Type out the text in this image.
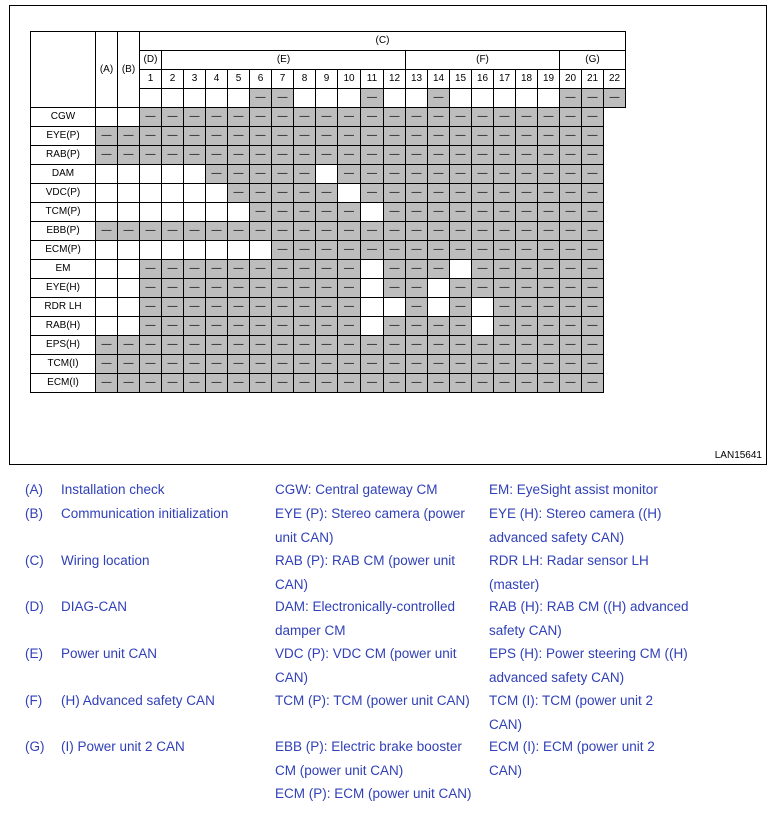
	(A)	(B)	(C)																					
			(D)	(E)											(F)							(G)		
			1	2	3	4	5	6	7	8	9	10	11	12	13	14	15	16	17	18	19	20	21	22
								—	—				—			—						—	—	—
CGW			—	—	—	—	—	—	—	—	—	—	—	—	—	—	—	—	—	—	—	—	—	
EYE(P)	—	—	—	—	—	—	—	—	—	—	—	—	—	—	—	—	—	—	—	—	—	—	—	
RAB(P)	—	—	—	—	—	—	—	—	—	—	—	—	—	—	—	—	—	—	—	—	—	—	—	
DAM						—	—	—	—	—		—	—	—	—	—	—	—	—	—	—	—	—	
VDC(P)							—	—	—	—	—		—	—	—	—	—	—	—	—	—	—	—	
TCM(P)								—	—	—	—	—		—	—	—	—	—	—	—	—	—	—	
EBB(P)	—	—	—	—	—	—	—	—	—	—	—	—	—	—	—	—	—	—	—	—	—	—	—	
ECM(P)									—	—	—	—	—	—	—	—	—	—	—	—	—	—	—	
EM			—	—	—	—	—	—	—	—	—	—		—	—	—		—	—	—	—	—	—	
EYE(H)			—	—	—	—	—	—	—	—	—	—		—	—		—	—	—	—	—	—	—	
RDR LH			—	—	—	—	—	—	—	—	—	—			—		—		—	—	—	—	—	
RAB(H)			—	—	—	—	—	—	—	—	—	—		—	—	—	—		—	—	—	—	—	
EPS(H)	—	—	—	—	—	—	—	—	—	—	—	—	—	—	—	—	—	—	—	—	—	—	—	
TCM(I)	—	—	—	—	—	—	—	—	—	—	—	—	—	—	—	—	—	—	—	—	—	—	—	
ECM(I)	—	—	—	—	—	—	—	—	—	—	—	—	—	—	—	—	—	—	—	—	—	—	—	
LAN15641
(A)	Installation check
(B)	Communication initialization
(C)	Wiring location
(D)	DIAG-CAN
(E)	Power unit CAN
(F)	(H) Advanced safety CAN
(G)	(I) Power unit 2 CAN
CGW: Central gateway CM
EYE (P): Stereo camera (power unit CAN)
RAB (P): RAB CM (power unit CAN)
DAM: Electronically-controlled damper CM
VDC (P): VDC CM (power unit CAN)
TCM (P): TCM (power unit CAN)
EBB (P): Electric brake booster CM (power unit CAN)
ECM (P): ECM (power unit CAN)
EM: EyeSight assist monitor
EYE (H): Stereo camera ((H) advanced safety CAN)
RDR LH: Radar sensor LH (master)
RAB (H): RAB CM ((H) advanced safety CAN)
EPS (H): Power steering CM ((H) advanced safety CAN)
TCM (I): TCM (power unit 2 CAN)
ECM (I): ECM (power unit 2 CAN)
